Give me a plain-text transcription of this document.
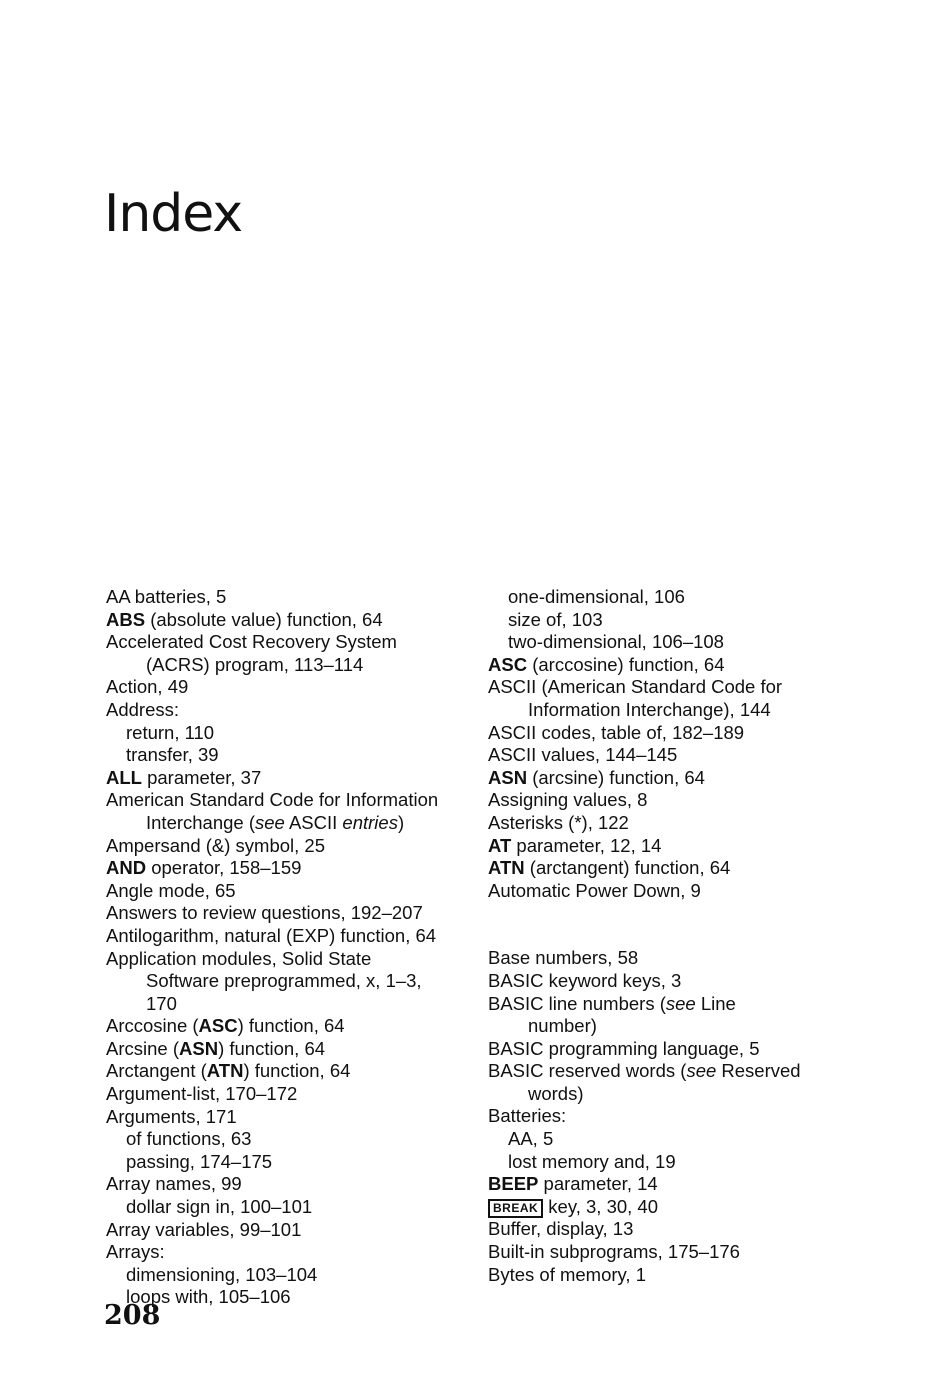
Index
AA batteries, 5
ABS (absolute value) function, 64
Accelerated Cost Recovery System
(ACRS) program, 113–114
Action, 49
Address:
return, 110
transfer, 39
ALL parameter, 37
American Standard Code for Information
Interchange (see ASCII entries)
Ampersand (&) symbol, 25
AND operator, 158–159
Angle mode, 65
Answers to review questions, 192–207
Antilogarithm, natural (EXP) function, 64
Application modules, Solid State
Software preprogrammed, x, 1–3,
170
Arccosine (ASC) function, 64
Arcsine (ASN) function, 64
Arctangent (ATN) function, 64
Argument-list, 170–172
Arguments, 171
of functions, 63
passing, 174–175
Array names, 99
dollar sign in, 100–101
Array variables, 99–101
Arrays:
dimensioning, 103–104
loops with, 105–106
one-dimensional, 106
size of, 103
two-dimensional, 106–108
ASC (arccosine) function, 64
ASCII (American Standard Code for
Information Interchange), 144
ASCII codes, table of, 182–189
ASCII values, 144–145
ASN (arcsine) function, 64
Assigning values, 8
Asterisks (*), 122
AT parameter, 12, 14
ATN (arctangent) function, 64
Automatic Power Down, 9
Base numbers, 58
BASIC keyword keys, 3
BASIC line numbers (see Line
number)
BASIC programming language, 5
BASIC reserved words (see Reserved
words)
Batteries:
AA, 5
lost memory and, 19
BEEP parameter, 14
BREAK key, 3, 30, 40
Buffer, display, 13
Built-in subprograms, 175–176
Bytes of memory, 1
208
